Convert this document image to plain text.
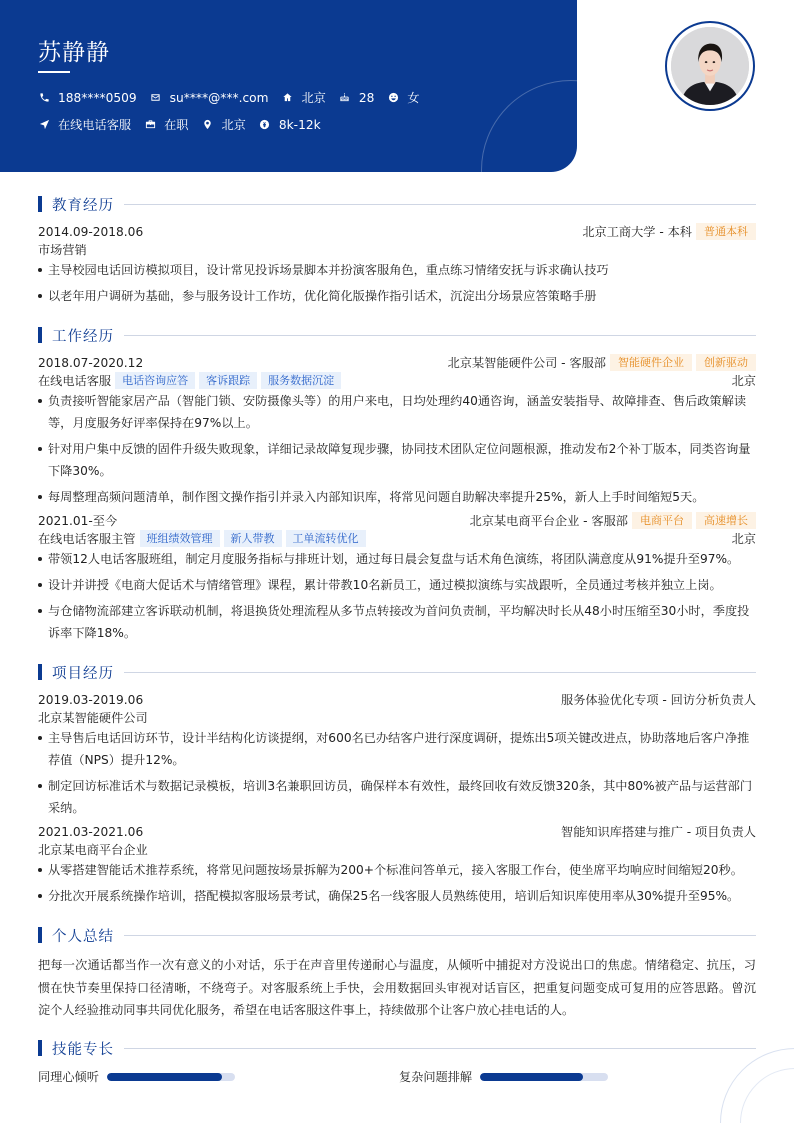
苏静静
188****0509	su****@***.com	北京	28	女
在线电话客服	在职	北京	8k-12k
教育经历
2014.09-2018.06	北京工商大学 - 本科	普通本科
市场营销
主导校园电话回访模拟项目，设计常见投诉场景脚本并扮演客服角色，重点练习情绪安抚与诉求确认技巧
以老年用户调研为基础，参与服务设计工作坊，优化简化版操作指引话术，沉淀出分场景应答策略手册
工作经历
2018.07-2020.12	北京某智能硬件公司 - 客服部	智能硬件企业	创新驱动
在线电话客服	电话咨询应答	客诉跟踪	服务数据沉淀	北京
负责接听智能家居产品（智能门锁、安防摄像头等）的用户来电，日均处理约40通咨询，涵盖安装指导、故障排查、售后政策解读等，月度服务好评率保持在97%以上。
针对用户集中反馈的固件升级失败现象，详细记录故障复现步骤，协同技术团队定位问题根源，推动发布2个补丁版本，同类咨询量下降30%。
每周整理高频问题清单，制作图文操作指引并录入内部知识库，将常见问题自助解决率提升25%，新人上手时间缩短5天。
2021.01-至今	北京某电商平台企业 - 客服部	电商平台	高速增长
在线电话客服主管	班组绩效管理	新人带教	工单流转优化	北京
带领12人电话客服班组，制定月度服务指标与排班计划，通过每日晨会复盘与话术角色演练，将团队满意度从91%提升至97%。
设计并讲授《电商大促话术与情绪管理》课程，累计带教10名新员工，通过模拟演练与实战跟听，全员通过考核并独立上岗。
与仓储物流部建立客诉联动机制，将退换货处理流程从多节点转接改为首问负责制，平均解决时长从48小时压缩至30小时，季度投诉率下降18%。
项目经历
2019.03-2019.06	服务体验优化专项 - 回访分析负责人
北京某智能硬件公司
主导售后电话回访环节，设计半结构化访谈提纲，对600名已办结客户进行深度调研，提炼出5项关键改进点，协助落地后客户净推荐值（NPS）提升12%。
制定回访标准话术与数据记录模板，培训3名兼职回访员，确保样本有效性，最终回收有效反馈320条，其中80%被产品与运营部门采纳。
2021.03-2021.06	智能知识库搭建与推广 - 项目负责人
北京某电商平台企业
从零搭建智能话术推荐系统，将常见问题按场景拆解为200+个标准问答单元，接入客服工作台，使坐席平均响应时间缩短20秒。
分批次开展系统操作培训，搭配模拟客服场景考试，确保25名一线客服人员熟练使用，培训后知识库使用率从30%提升至95%。
个人总结
把每一次通话都当作一次有意义的小对话，乐于在声音里传递耐心与温度，从倾听中捕捉对方没说出口的焦虑。情绪稳定、抗压，习惯在快节奏里保持口径清晰，不绕弯子。对客服系统上手快，会用数据回头审视对话盲区，把重复问题变成可复用的应答思路。曾沉淀个人经验推动同事共同优化服务，希望在电话客服这件事上，持续做那个让客户放心挂电话的人。
技能专长
同理心倾听	复杂问题排解
